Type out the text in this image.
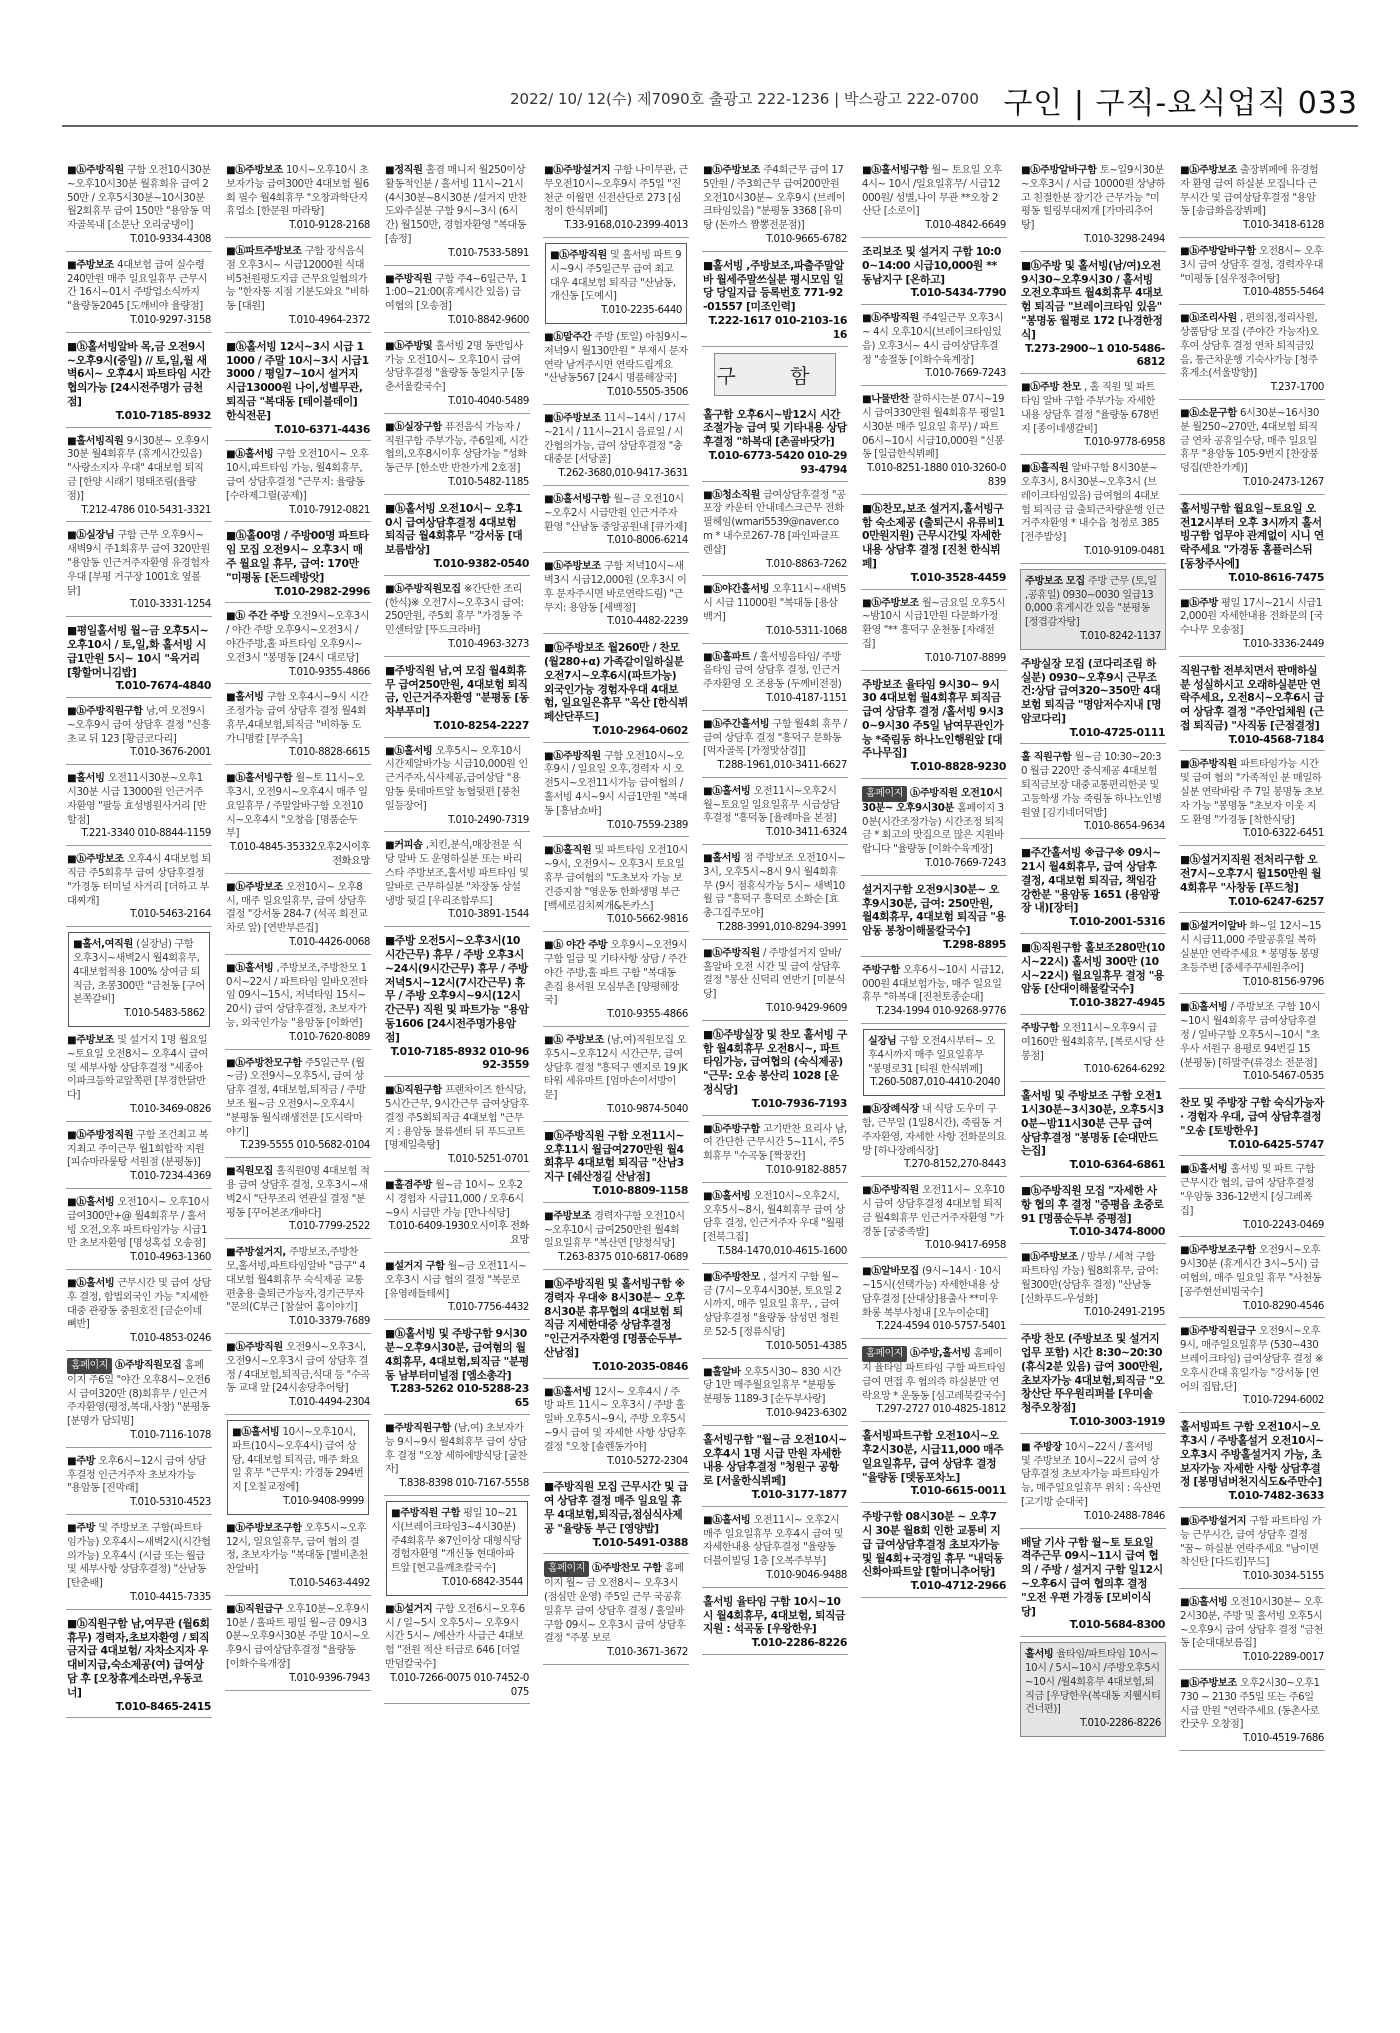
2022/ 10/ 12(수) 제7090호 출광고 222-1236 | 박스광고 222-0700 구인 | 구직-요식업직 033
■ⓗ주방직원 구함 오전10시30분~오후10시30분 월휴회유 급여 250만 / 오후5시30분~10시30분 월2회휴무 급여 150만 "용암동 먹자골목내 [소문난 오리궁댕이]
T.010-9334-4308
■주방보조 4대보험 급여 실수령 240만원 매주 일요일휴무 근무시간 16시~01시 주방업소식까지 "율량동2045 [도깨비야 율량점]
T.010-9297-3158
■ⓗ홀서빙알바 목,금 오전9시~오후9시(중일) // 토,일,월 새벽6시~ 오후4시 파트타임 시간협의가능 [24시전주명가 금천점]
T.010-7185-8932
■홀서빙직원 9시30분~ 오후9시30분 월4회휴무 (휴게시간있음) "사랑소지자 우대" 4대보험 퇴직금 [한양 시래기 명태조림(율량점)]
T.212-4786 010-5431-3321
■ⓗ실장님 구함 근무 오후9시~새벽9시 주1회휴무 급여 320만원 "용암동 인근거주자환영 유경험자우대 [부평 거구장 1001호 옆볼닭]
T.010-3331-1254
■평일홀서빙 월~금 오후5시~ 오후10시 / 토,일,화 홀서빙 시급1만원 5시~ 10시 "육거리 [황할머니김밥]
T.010-7674-4840
■ⓗ주방직원구함 남,여 오전9시~오후9시 급여 상담후 결정 "신흥초교 뒤 123 [황금코다리]
T.010-3676-2001
■홀서빙 오전11시30분~오후1시30분 시급 13000원 인근거주자환영 "팔등 효성병원사거리 [반할점]
T.221-3340 010-8844-1159
■ⓗ주방보조 오후4시 4대보험 퇴직금 주5회휴무 급여 상담후결정 "가경동 터미널 사거리 [더하고 부대찌개]
T.010-5463-2164
■홀서,여직원 (실장님) 구함 오후3시~새벽2시 월4회휴무, 4대보험적용 100% 상여금 퇴직금, 초봉300만 "금천동 [구어본쪽갈비]
T.010-5483-5862
■주방보조 및 설거지 1명 월요일~토요일 오전8시~ 오후4시 급여 및 세부사항 상담후결정 "세종아이파크등학교앞쪽편 [부경한닭반다]
T.010-3469-0826
■ⓗ주방정직원 구함 조건최고 복지최고 주이근무 월1회합작 지원 [피슈마라룽탕 서원점 (분평동)]
T.010-7234-4369
■ⓗ홀서빙 오전10시~ 오후10시 급여300만+@ 월4회휴무 / 홀서빙 오전,오후 파트타임가능 시급1만 초보자환영 [명성혹섭 오송점]
T.010-4963-1360
■ⓗ홀서빙 근무시간 및 급여 상담후 결정, 합법외국인 가능 "지세한대중 관광동 중원호진 [금순이네뼈반]
T.010-4853-0246
홈페이지 ⓗ주방직원모집 홈페이지 주6일 "야간 오후8시~오전6시 급여320만 (8)회휴무 / 인근거주자환영(평정,복대,사창) "분평동 [분명가 담되빔]
T.010-7116-1078
■주방 오후6시~12시 급여 상담후결정 인근거주자 초보자가능 "용암동 [진막래]
T.010-5310-4523
■주방 및 주방보조 구함(파트타임가능) 오후4시~새벽2시(시간협의가능) 오후4시 (시급 또는 월급 및 세부사항 상담후결정) "산남동 [탄춘배]
T.010-4415-7335
■ⓗ직원구함 남,여무관 (월6회휴무) 경력자,초보자환영 / 퇴직금지급 4대보험/ 자차소지자 우대비지급,숙소제공(여) 급여상담 후 [오창휴게소라면,우동코너]
T.010-8465-2415
■ⓗ주방보조 10시~오후10시 초보자가능 급여300만 4대보험 월6회 필수 월4회휴무 "오창과학단지 휴업소 [한문원 마라탕]
T.010-9128-2168
■ⓗ파트주방보조 구함 장식음식점 오후3시~ 시급12000원 식대비5천원평도지급 근무요일협의가능 "한자통 지점 기분도와요 "비하동 [대원]
T.010-4964-2372
■ⓗ홀서빙 12시~3시 시급 11000 / 주말 10시~3시 시급13000 / 평일7~10시 설거지 시급13000원 나이,성별무관, 퇴직금 "복대동 [테이블데이] 한식전문]
T.010-6371-4436
■ⓗ홀서빙 구함 오전10시~ 오후10시,파트타임 가능, 월4회휴무, 급여 상담후결정 "근무지: 율량동 [수라제그릴(공제)]
T.010-7912-0821
■ⓗ홀00명 / 주방00명 파트타임 모집 오전9시~ 오후3시 매주 월요일 휴무, 급여: 170만 "미평동 [돈드레방앗]
T.010-2982-2996
■ⓗ 주간 주방 오전9시~오후3시 / 야간 주방 오후9시~오전3시 / 야간주방,홀 파트타임 오후9시~오전3시 "봉명동 [24시 대로당]
T.010-9355-4866
■홀서빙 구함 오후4시~9시 시간조정가능 급여 상담후 결정 월4회휴무,4대보험,퇴직금 "비하동 도가니명칼 [무주옥]
T.010-8828-6615
■ⓗ홀서빙구함 월~토 11시~오후3시, 오전9시~오후4시 매주 일요일휴무 / 주말알바구함 오전10시~오후4시 "오창읍 [명품순두부]
T.010-4845-35332오후2시이후전화요망
■ⓗ주방보조 오전10시~ 오후8시, 매주 일요일휴무, 급여 상담후 결정 "강서동 284-7 (석곡 회전교차로 앞) [연반부른집]
T.010-4426-0068
■ⓗ홀서빙 ,주방보조,주방찬모 10시~22시 / 파트타임 일바오전타임 09시~15시, 저녁타임 15시~20시) 급여 상담후결정, 초보자가능, 외국인가능 "용암동 [이화연]
T.010-7620-8089
■ⓗ주방찬모구함 주5일근무 (월~금) 오전9시~오후5시, 급여 상담후 결정, 4대보험,퇴직금 / 주방보조 월~금 오전9시~오후4시 "분평동 월식래생전문 [도시락마야기]
T.239-5555 010-5682-0104
■직원모집 홀직원0명 4대보험 적용 급여 상담후 결정, 오후3시~새벽2시 "단무조리 연관실 결정 "분평동 [꾸어본조개바다]
T.010-7799-2522
■주방설거지, 주방보조,주방찬모,홀서빙,파트타임알바 "급구" 4대보험 월4회휴무 숙식제공 교통편충용 출퇴근가능자,경기근무자 "문의(C부근 [참살어 홈이야기]
T.010-3379-7689
■ⓗ주방직원 오전9시~오후3시, 오전9시~오후3시 급여 상담후 결정 / 4대보험,퇴직금,식대 등 "수곡동 교대 앞 [24시송당추어탕]
T.010-4494-2304
■ⓗ홀서빙 10시~오후10시, 파트(10시~오후4시) 급여 상담, 4대보험 퇴직금, 매주 화요일 휴무 "근무지: 가경동 294번지 [오칠교정에]
T.010-9408-9999
■ⓗ주방보조구함 오후5시~오후12시, 일요일휴무, 급여 협의 결정, 초보자가능 "복대동 [별비촌천찬알바]
T.010-5463-4492
■ⓗ직원급구 오후10분~오후9시10분 / 홀파트 평일 월~금 09시30분~오후9시30분 주말 10시~오후9시 급여상담후결정 "율량동 [이화수육개장]
T.010-9396-7943
■정직원 홀겸 매니저 월250이상 활동적인분 / 홀서빙 11시~21시(4시30분~8시30분 /설거지 반찬 도와주실분 구함 9시~3시 (6시간) 월150만, 경험자환영 "복대동 [솜정]
T.010-7533-5891
■주방직원 구함 주4~6일근무, 11:00~21:00(휴게시간 있음) 급여협의 [오송점]
T.010-8842-9600
■ⓗ주방및 홀서빙 2명 동반입사가능 오전10시~ 오후10시 급여상담후결정 "율량동 동일지구 [동춘서울칼국수]
T.010-4040-5489
■ⓗ실장구함 퓨전음식 가능자 / 직원구함 주부가능, 주6일제, 시간협의,오후8시이후 상담가능 "성화동근무 [한소반 반찬가게 2호점]
T.010-5482-1185
■ⓗ홀서빙 오전10시~ 오후10시 급여상담후결정 4대보험 퇴직금 월4회휴무 "강서동 [대보름밥상]
T.010-9382-0540
■ⓗ주방직원모집 ※간단한 조리(한식)※ 오전7시~오후3시 급여: 250만원, 주5회 휴무 "가경동 주민센터앞 [뚜드크라바]
T.010-4963-3273
■주방직원 남,여 모집 월4회휴무 급여250만원, 4대보험 퇴직금, 인근거주자환영 "분평동 [동차부푸미]
T.010-8254-2227
■ⓗ홀서빙 오후5시~ 오후10시 시간제알바가능 시급10,000원 인근거주자,식사제공,급여상담 "용암동 롯데마트앞 농협뒷편 [풍천일등장어]
T.010-2490-7319
■커피솝 ,치킨,분식,매장전문 식당 알바 도 운영하실분 또는 바리스타 주방보조,홀서빙 파트타임 및 알바로 근무하실분 "차장동 상설냉방 뒷길 [우리조합루드]
T.010-3891-1544
■주방 오전5시~오후3시(10시간근무) 휴무 / 주방 오후3시~24시(9시간근무) 휴무 / 주방 저녁5시~12시(7시간근무) 휴무 / 주방 오후9시~9시(12시간근무) 직원 및 파트가능 "용암동1606 [24시전주명가용암점]
T.010-7185-8932 010-9692-3559
■ⓗ직원구함 프랜차이즈 한식당, 5시간근무, 9시간근무 급여상담후결정 주5회퇴직금 4대보험 "근무지 : 용암동 물류센터 뒤 푸드코트 [명제일축탕]
T.010-5251-0701
■홀겸주방 월~금 10시~ 오후2시 경험자 시급11,000 / 오후6시~9시 시급만 가능 [만나식당]
T.010-6409-1930오시이후 전화요망
■설거지 구함 월~금 오전11시~오후3시 시급 협의 결정 "복문로 [유영레들테씨]
T.010-7756-4432
■ⓗ홀서빙 및 주방구함 9시30분~오후9시30분, 급여혐의 월4회휴무, 4대보험,퇴직금 "분평동 남부터미널점 [엠소총각]
T.283-5262 010-5288-2365
■주방직원구함 (남,여) 초보자가능 9시~9시 월4회휴무 급여 상담후 결정 "오창 세하에방식당 [굴찬자]
T.838-8398 010-7167-5558
■주방직원 구함 평일 10~21시(브레이크타임3~4시30분) 주4회휴무 ※7인이상 대형식당 경험자환영 "개신동 현대아파트앞 [현고을깨초칼국수]
T.010-6842-3544
■ⓗ설거지 구함 오전6시~오후6시 / 일~5시 오후5시~ 오후9시 시간 5시~ /예산가 사급근 4대보험 "전원 적산 터급로 646 [더얼반덤칼국수]
T.010-7266-0075 010-7452-0075
■ⓗ주방설거지 구함 나이무관, 근무오전10시~오후9시 주5일 "진천군 이월면 신전산단로 273 [심청이 한식뷔페]
T.33-9168,010-2399-4013
■ⓗ주방직원 및 홀서빙 파트 9시~9시 주5일근무 급여 최고대우 4대보험 퇴직금 "산남동,개신동 [도예시]
T.010-2235-6440
■ⓗ말주간 주방 (토일) 아침9시~저녁9시 월130만원 " 부재시 문자연락 남겨주시면 연락드립게요 "산남동567 [24시 명품해장국]
T.010-5505-3506
■ⓗ주방보조 11시~14시 / 17시~21시 / 11시~21시 음료일 / 시간협의가능, 급여 상담후결정 "충대중문 [서당골]
T.262-3680,010-9417-3631
■ⓗ홀서빙구함 월~금 오전10시~오후2시 시급만원 인근거주자 환영 "산남동 중앙공원내 [큐가제]
T.010-8006-6214
■ⓗ주방보조 구함 저녁10시~새벽3시 시급12,000원 (오후3시 이후 문자주시면 바로연락드림) "근무지: 용암동 [세백정]
T.010-4482-2239
■ⓗ주방보조 월260만 / 찬모(월280+α) 가족같이일하실분 오전7시~오후6시(파트가능) 외국인가능 경험자우대 4대보험, 일요일은휴무 "옥산 [한식뷔페산단푸드]
T.010-2964-0602
■ⓗ주방직원 구함 오전10시~오후9시 / 일요일 오후,경력자 시 오전5시~오전11시가능 급여협의 / 홀서빙 4시~9시 시급1만원 "복대동 [흥남쇼바]
T.010-7559-2389
■ⓗ홀직원 및 파트타임 오전10시~9시, 오전9시~ 오후3시 토요일휴무 급여협의 "도초보자 가능 보건증지참 "영운동 한화생명 부근 [백세로김치찌개&돈카스]
T.010-5662-9816
■ⓗ 야간 주방 오후9시~오전9시 구함 일급 및 기타사항 상담 / 주간 야간 주방,홀 파트 구함 "복대동 촌집 용서원 모심부촌 [양평해장국]
T.010-9355-4866
■ⓗ 주방보조 (남,여)직원모집 오후5시~오후12시 시간근무, 급여 상담후 결정 "흥덕구 옌지로 19 JK타워 세유마트 [엄마손이서방이문]
T.010-9874-5040
■ⓗ주방직원 구함 오전11시~ 오후11시 월급여270만원 월4회휴무 4대보험 퇴직금 "산남3지구 [쉐산정길 산남점]
T.010-8809-1158
■주방보조 경력자구함 오전10시~오후10시 급여250만원 월4회 일요일휴무 "복산면 [양청식당]
T.263-8375 010-6817-0689
■ⓗ주방직원 및 홀서빙구함 ※경력자 우대※ 8시30분~ 오후8시30분 휴무협의 4대보험 퇴직금 지세한대중 상담후결정 "인근거주자환영 [명품순두부-산남점]
T.010-2035-0846
■ⓗ홀서빙 12시~ 오후4시 / 주방 파트 11시~ 오후3시 / 주방 홀 일바 오후5시~9시, 주방 오후5시~9시 급여 및 자세한 사항 상담후결정 "오창 [솔렌동가야]
T.010-5272-2304
■주방직원 모집 근무시간 및 급여 상담후 결정 매주 일요일 휴무 4대보험,퇴직금,점심식사제공 "율량동 부근 [영양밥]
T.010-5491-0388
홈페이지 ⓗ주방찬모 구함 홈페이지 월~ 금 오전8시~ 오후3시(점심만 운영) 주5일 근무 국공휴일휴무 급여 상담후 결정 / 홀일바 구함 09시~ 오후3시 급여 상담후결정 "주봉 보로
T.010-3671-3672
■ⓗ주방보조 주4회근무 급여 175만원 / 주3회근무 급여200만원 오전10시30분~ 오후9시 (브레이크타임있음) "분평동 3368 [유미탕 (돈까스 짬뽕전문점)]
T.010-9665-6782
■홀서빙 ,주방보조,파출주말알바 월세주말쓰실분 평시모임 일 당 당일지급 등록번호 771-92-01557 [미조인력]
T.222-1617 010-2103-1616
구 함
홀구함 오후6시~밤12시 시간조절가능 급여 및 기타내용 상담후결정 "하복대 [촌골바닷가]
T.010-6773-5420 010-2993-4794
■ⓗ청소직원 급여상담후결정 "공포장 카운터 안내데스크근무 전화필헤임(wmari5539@naver.com * 내수로267-78 [파인파클프렌샵]
T.010-8863-7262
■ⓗ야간홀서빙 오후11시~새벽5시 시급 11000원 "복대동 [용삼백거]
T.010-5311-1068
■ⓗ홀파트 / 홀서빙음타임/ 주방음타임 급여 상담후 결정, 인근거주자환영 오 조용동 (두께비전점)
T.010-4187-1151
■ⓗ주간홀서빙 구함 월4회 휴무 / 급여 상담후 결정 "흥덕구 문화동 [먹자골목 [가정맛삼겹]]
T.288-1961,010-3411-6627
■ⓗ홀서빙 오전11시~오후2시 월~토요일 일요일휴무 시급상담후결정 "흥덕동 [율례마을 본점]
T.010-3411-6324
■홀서빙 점 주방보조 오전10시~3시, 오후5시~8시 9시 월4회휴무 (9시 점휴식가능 5시~ 새벽10월 급 "흥덕구 흥덕로 소화순 [효총그집주모야]
T.288-3991,010-8294-3991
■ⓗ주방직원 / 주방설거지 알바/ 홀알바 오전 시간 및 급여 상담후결정 "봉산 신덕리 연반기 [미분식당]
T.010-9429-9609
■ⓗ주방실장 및 찬모 홀서빙 구함 월4회휴무 오전8시~, 파트타임가능, 급여협의 (숙식제공) "근무: 오송 봉산리 1028 [운정식당]
T.010-7936-7193
■ⓗ주방구함 고기반찬 요리사 남,여 간단한 근무시간 5~11시, 주5회휴무 "수곡동 [짝꿍칸]
T.010-9182-8857
■ⓗ홀서빙 오전10시~오후2시, 오후5시~8시, 월4회휴무 급여 상담후 결정, 인근거주자 우대 "월평 [전북그집]
T.584-1470,010-4615-1600
■ⓗ주방찬모 , 설거지 구함 월~금 (7시~오후4시30분, 토요일 2시까지, 매주 일요일 휴무, , 급여 상담후결정 "율량동 삼성면 청원로 52-5 [정류식당]
T.010-5051-4385
■홀알바 오후5시30~ 830 시간당 1만 매주월요일휴무 "분평동 분평동 1189-3 [순두부사랑]
T.010-9423-6302
홀서빙구함 "월~금 오전10시~오후4시 1명 시급 만원 자세한 내용 상담후결정 "청원구 공항로 [서울한식뷔페]
T.010-3177-1877
■ⓗ홀서빙 오전11시~ 오후2시 매주 일요일휴무 오후4시 급여 및 자세한내용 상담후결정 "율량동 더블이빌딩 1층 [오복주부부]
T.010-9046-9488
홀서빙 율타임 구함 10시~10시 월4회휴무, 4대보험, 퇴직금 지원 : 석곡동 [우왕한우]
T.010-2286-8226
■ⓗ홀서빙구함 월~ 토요일 오후4시~ 10시 /일요일휴무/ 시급12000원/ 성별,나이 무관 **오창 2산단 [소로이]
T.010-4842-6649
조리보조 및 설거지 구함 10:00~14:00 시급10,000원 **동남지구 [온하고]
T.010-5434-7790
■ⓗ주방직원 주4일근무 오후3시~ 4시 오후10시(브레이크타임있음) 오후3시~ 4시 급여상담후결정 "송절동 [이화수육계장]
T.010-7669-7243
■나물반찬 잘하시는분 07시~19시 급여330만원 월4회휴무 평일1시30분 매주 일요일 휴무) / 파트 06시~10시 시급10,000원 "신봉동 [일급한식뷔페]
T.010-8251-1880 010-3260-0839
■ⓗ찬모,보조 설거지,홀서빙구함 숙소제공 (출퇴근시 유류비10만원지원) 근무시간및 자세한내용 상담후 결정 [진천 한식뷔페]
T.010-3528-4459
■ⓗ주방보조 월~금요일 오후5시~밤10시 시급1만원 다문화가정환영 "** 흥덕구 운천동 [자래전집]
T.010-7107-8899
주방보조 율타임 9시30~ 9시30 4대보험 월4회휴무 퇴직금 급여 상담후 결정 /홀서빙 9시30~9시30 주5일 남여무관인가능 *죽림동 하나노인행원앞 [대주나무집]
T.010-8828-9230
홈페이지 ⓗ주방직원 오전10시30분~ 오후9시30분 홈페이지 30분(시간조정가능) 시간조정 퇴직금 * 회고의 맛집으로 많은 지원바랍니다 "율량동 [이화수육계장]
T.010-7669-7243
설거지구함 오전9시30분~ 오후9시30분, 급여: 250만원, 월4회휴무, 4대보험 퇴직금 "용암동 봉창이해물칼국수]
T.298-8895
주방구함 오후6시~10시 시급12,000원 4대보험가능, 매주 일요일 휴무 "하복대 [진천토종순대]
T.234-1994 010-9268-9776
실장님 구함 오전4시부터~ 오후4시까지 매주 일요일휴무 "봉명로31 [티원 한식뷔페]
T.260-5087,010-4410-2040
■ⓗ장례식장 내 식당 도우미 구함, 근무일 (1일8시간), 죽림동 거주자환영, 자세한 사항 전화문의요망 [하나장례식장]
T.270-8152,270-8443
■ⓗ주방직원 오전11시~ 오후10시 급여 상담후결정 4대보험 퇴직금 월4회휴무 인근거주자환영 "가경동 [궁중족발]
T.010-9417-6958
■ⓗ알바모집 (9시~14시 · 10시~15시(선택가능) 자세한내용 상담후결정 [산대상]용출사 **미우화롱 복부사청내 [오누이순대]
T.224-4594 010-5757-5401
홈페이지 ⓗ주방,홀서빙 홈페이지 율타임 파트타임 구함 파트타임 급여 면접 후 협의즉 하실분만 연락요망 * 운동동 [심고레북칼국수]
T.297-2727 010-4825-1812
홀서빙파트구함 오전10시~오후2시30분, 시급11,000 매주 일요일휴무, 급여 상담후 결정 "율량동 [뎃동포차노]
T.010-6615-0011
주방구함 08시30분 ~ 오후7시 30분 월8회 인한 교통비 지급 급여상담후결정 초보자가능 및 월4회+국경일 휴무 "내덕동 신화아파트앞 [할머니추어탕]
T.010-4712-2966
■ⓗ주방알바구함 토~일9시30분~오후3시 / 시급 10000원 상냥하고 친절한분 장기간 근무가능 "미평동 힐링부대찌개 [가마리추어탕]
T.010-3298-2494
■ⓗ주방 및 홀서빙(남/여)오전9시30~오후9시30 / 홀서빙 오전오후파트 월4회휴무 4대보험 퇴직금 "브레이크타임 있음" "봉명동 월평로 172 [나경한정식]
T.273-2900~1 010-5486-6812
■ⓗ주방 찬모 , 홀 직원 및 파트 타임 알바 구함 주부가능 자세한 내용 상담후 결정 "율량동 678번지 [종이네생갈비]
T.010-9778-6958
■ⓗ홀직원 알바구함 8시30분~오후3시, 8시30분~오후3시 (브레이크타임있음) 급여협의 4대보험 퇴직금 급 출퇴근차량운행 인근거주자환영 * 내수읍 청정로 385 [전주밥상]
T.010-9109-0481
주방보조 모집 주방 근무 (토,일 ,공휴일) 0930~0030 일급130,000 휴게시간 있음 "분평동 [정겹감자탕]
T.010-8242-1137
주방실장 모집 (코다리조림 하실분) 0930~오후9시 근무조건:상담 급여320~350만 4대보험 퇴직금 "명암저수지내 [명암코다리]
T.010-4725-0111
홀 직원구함 월~금 10:30~20:30 월급 220만 중식제공 4대보험 퇴직금보장 대중교통편리한곳 및 고등학생 가능 죽림동 하나노인병원옆 [김기네더덕밥]
T.010-8654-9634
■주간홀서빙 ※급구※ 09시~21시 월4회휴무, 급여 상담후 결정, 4대보험 퇴직금, 책임감 강한분 "용암동 1651 (용암광장 내)[장터]
T.010-2001-5316
■ⓗ직원구함 홀보조280만(10시~22시) 홀서빙 300만 (10시~22시) 월요일휴무 결정 "용암동 [산대이해물칼국수]
T.010-3827-4945
주방구함 오전11시~오후9시 급여160만 월4회휴무, [복로시당 산봉점]
T.010-6264-6292
홀서빙 및 주방보조 구함 오전11시30분~3시30분, 오후5시30분~밤11시30분 근무 급여 상담후결정 "봉명동 [순대만드는집]
T.010-6364-6861
■ⓗ주방직원 모집 "자세한 사항 협의 후 결정 "증평읍 초중로91 [명품순두부 증평점]
T.010-3474-8000
■ⓗ주방보조 / 방부 / 세척 구함 파트타임 가능) 월8회휴무, 급여: 월300만(상담후 결정) "산남동 [신화푸드-우성화]
T.010-2491-2195
주방 찬모 (주방보조 및 설거지 업무 포함) 시간 8:30~20:30 (휴식2분 있음) 급여 300만원,초보자가능 4대보험,퇴직금 "오창산단 뚜우원리퍼블 [우미솔 청주오창점]
T.010-3003-1919
■ 주방장 10시~22시 / 홀서빙 및 주방보조 10시~22시 급여 상담후결정 초보자가능 파트타임가능, 매주일요일휴무 위치 : 옥산면 [고기방 순대국]
T.010-2488-7846
배달 기사 구함 월~토 토요일 격주근무 09시~11시 급여 협의 / 주방 / 설거지 구함 일12시~오후6시 급여 협의후 결정 "오전 우편 가경동 [모비이식당]
T.010-5684-8300
홀서빙 율타임/파트타임 10시~10시 / 5시~10시 /주방오후5시~10시 /월4회휴무 4대보험,퇴직금 [우당한우(복대동 지웰시티건너편)]
T.010-2286-8226
■ⓗ주방보조 출장뷔페에 유경험자 환영 급여 하실분 모집니다 근무시간 및 급여상담후결정 "용암동 [송급화음장뷔페]
T.010-3418-6128
■ⓗ주방알바구함 오전8시~ 오후3시 급여 상담후 결정, 경력자우대 "미평동 [심우정추어탕]
T.010-4855-5464
■ⓗ조리사원 , 편의점,정리사원,상품담당 모집 (주야간 가능자)오후여 상담후 결정 연차 퇴직금있음, 통근차운행 기숙사가능 [청주휴게소(서울방향)]
T.237-1700
■ⓗ소문구함 6시30분~16시30분 월250~270만, 4대보험 퇴직금 연차 공휴일수당, 매주 일요일 휴무 "용암동 105-9번지 [찬장풍덩집(반찬가게)]
T.010-2473-1267
홀서빙구함 월요일~토요일 오전12시부터 오후 3시까지 홀서빙구함 업무야 관계없이 시니 연락주세요 "가경동 홈플러스뒤 [동창주사에]
T.010-8616-7475
■ⓗ주방 평일 17시~21시 시급12,000원 자세한내용 전화문의 [국수나무 오송점]
T.010-3336-2449
직원구함 전부치면서 판매하실분 성실하시고 오래하실분만 연락주세요, 오전8시~오후6시 급여 상담후 결정 "주안업체원 (근접 퇴직금) "사직동 [근점결정]
T.010-4568-7184
■ⓗ주방직원 파트타임가능 시간 및 급여 협의 "가족적인 분 매일하실분 연락바람 주 7일 봉명동 초보자 가능 "봉명동 "초보자 이웃 지도 환영 "가경동 [착한식당]
T.010-6322-6451
■ⓗ설거지직원 전처리구함 오전7시~오후7시 월150만원 월4회휴무 "사창동 [푸드청]
T.010-6247-6257
■ⓗ설거이알바 화~일 12시~15시 시급11,000 주말공휴일 복하실분만 연락주세요 * 봉명동 봉명 초등주변 [중세주꾸세원추어]
T.010-8156-9796
■ⓗ홀서빙 / 주방보조 구함 10시~10시 월4회휴무 급여상담후결정 / 일바구함 오후5시~10시 "초우사 서원구 용평로 94번길 15 (분평동) [하말주(류경소 전문점]
T.010-5467-0535
찬모 및 주방장 구함 숙식가능자 · 경험자 우대, 급여 상담후결정 "오송 [토방한우]
T.010-6425-5747
■ⓗ홀서빙 홀서빙 및 파트 구함 근무시간 협의, 급여 상담후결정 "우암동 336-12번지 [싱그레폭집]
T.010-2243-0469
■ⓗ주방보조구함 오전9시~오후9시30분 (휴게시간 3시~5시) 급여협의, 매주 일요일 휴무 "사천동 [공주현선비빔국수]
T.010-8290-4546
■ⓗ주방직원급구 오전9시~오후9시, 매주일요일휴무 (530~430 브레이크타임) 급여상담후 결정 ※오후시간대 휴일가능 "강서동 [연어의 집탑,단]
T.010-7294-6002
홀서빙파트 구함 오전10시~오후3시 / 주방홀설거 오전10시~오후3시 주방홀설거지 가능, 초보자가능 자세한 사항 상담후결정 [봉명넘버천지식도&주만수]
T.010-7482-3633
■ⓗ주방설거지 구함 파트타임 가능 근무시간, 급여 상담후 결정 "꿈~ 하실분 연락주세요 "남이면 착신탄 [다드킴]무드]
T.010-3034-5155
■ⓗ홀서빙 오전10시30분~ 오후2시30분, 주방 및 홀서빙 오후5시~오후9시 급여 상담후 결정 "금천동 [순대대보름집]
T.010-2289-0017
■ⓗ주방보조 오후2시30~오후1730 ~ 2130 주5일 또는 주6일 시급 만원 "연락주세요 (동촌사로칸굿우 오창점]
T.010-4519-7686
